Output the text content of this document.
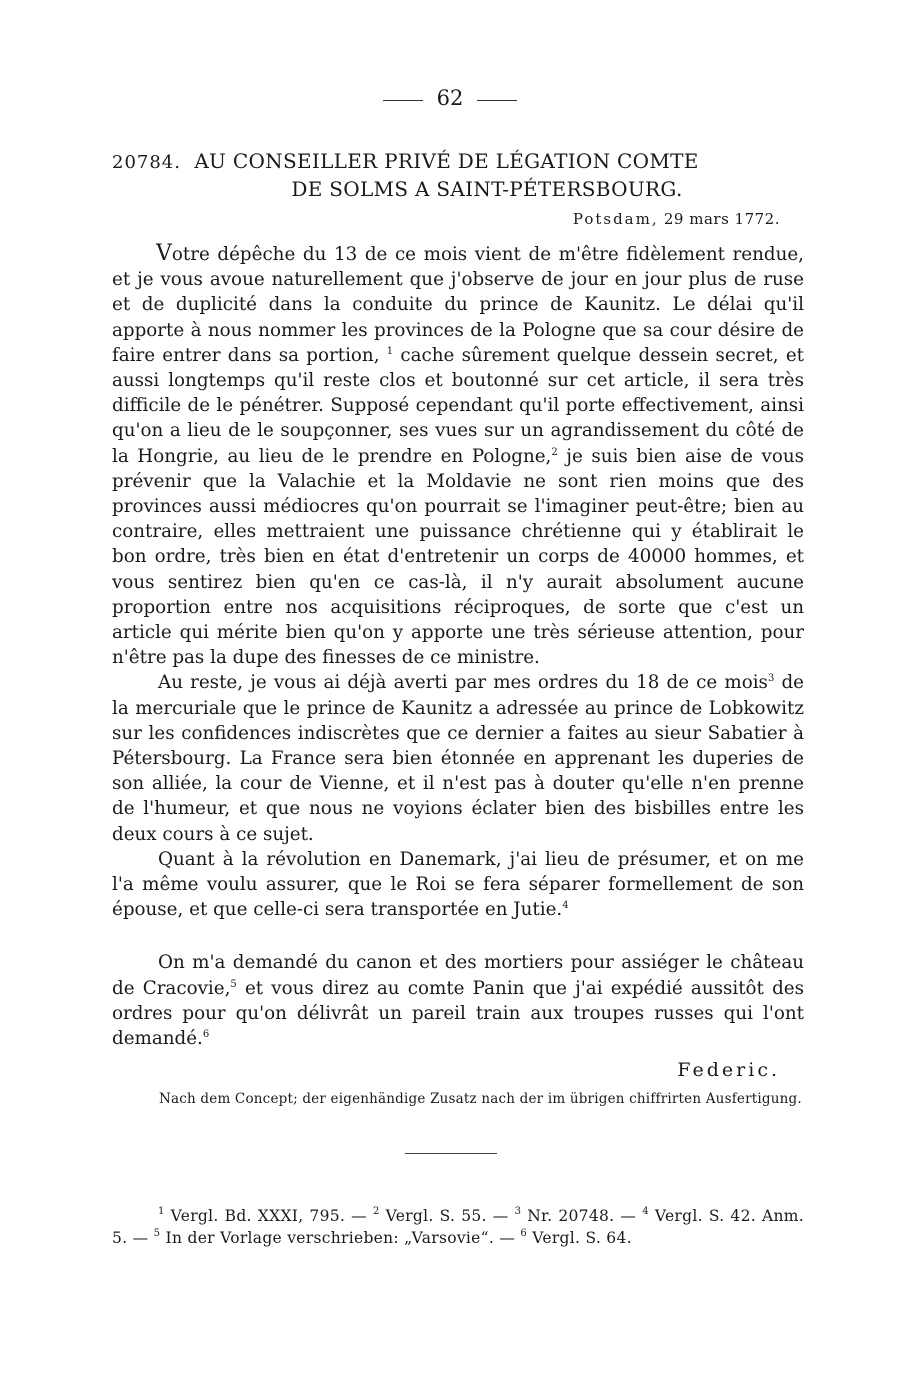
62
20784. AU CONSEILLER PRIVÉ DE LÉGATION COMTE
DE SOLMS A SAINT-PÉTERSBOURG.
Potsdam, 29 mars 1772.

Votre dépêche du 13 de ce mois vient de m'être fidèlement rendue, et je vous avoue naturellement que j'observe de jour en jour plus de ruse et de duplicité dans la conduite du prince de Kaunitz. Le délai qu'il apporte à nous nommer les provinces de la Pologne que sa cour désire de faire entrer dans sa portion, $^1$ cache sûrement quelque dessein secret, et aussi longtemps qu'il reste clos et boutonné sur cet article, il sera très difficile de le pénétrer. Supposé cependant qu'il porte effectivement, ainsi qu'on a lieu de le soupçonner, ses vues sur un agrandissement du côté de la Hongrie, au lieu de le prendre en Pologne,$^2$ je suis bien aise de vous prévenir que la Valachie et la Moldavie ne sont rien moins que des provinces aussi médiocres qu'on pourrait se l'imaginer peut-être; bien au contraire, elles mettraient une puissance chrétienne qui y établirait le bon ordre, très bien en état d'entretenir un corps de 40000 hommes, et vous sentirez bien qu'en ce cas-là, il n'y aurait absolument aucune proportion entre nos acquisitions réciproques, de sorte que c'est un article qui mérite bien qu'on y apporte une très sérieuse attention, pour n'être pas la dupe des finesses de ce ministre.

Au reste, je vous ai déjà averti par mes ordres du 18 de ce mois$^3$ de la mercuriale que le prince de Kaunitz a adressée au prince de Lobkowitz sur les confidences indiscrètes que ce dernier a faites au sieur Sabatier à Pétersbourg. La France sera bien étonnée en apprenant les duperies de son alliée, la cour de Vienne, et il n'est pas à douter qu'elle n'en prenne de l'humeur, et que nous ne voyions éclater bien des bisbilles entre les deux cours à ce sujet.

Quant à la révolution en Danemark, j'ai lieu de présumer, et on me l'a même voulu assurer, que le Roi se fera séparer formellement de son épouse, et que celle-ci sera transportée en Jutie.$^4$

On m'a demandé du canon et des mortiers pour assiéger le château de Cracovie,$^5$ et vous direz au comte Panin que j'ai expédié aussitôt des ordres pour qu'on délivrât un pareil train aux troupes russes qui l'ont demandé.$^6$

Federic.
Nach dem Concept; der eigenhändige Zusatz nach der im übrigen chiffrirten Ausfertigung.
$^1$ Vergl. Bd. XXXI, 795. — $^2$ Vergl. S. 55. — $^3$ Nr. 20748. — $^4$ Vergl. S. 42. Anm. 5. — $^5$ In der Vorlage verschrieben: „Varsovie“. — $^6$ Vergl. S. 64.
